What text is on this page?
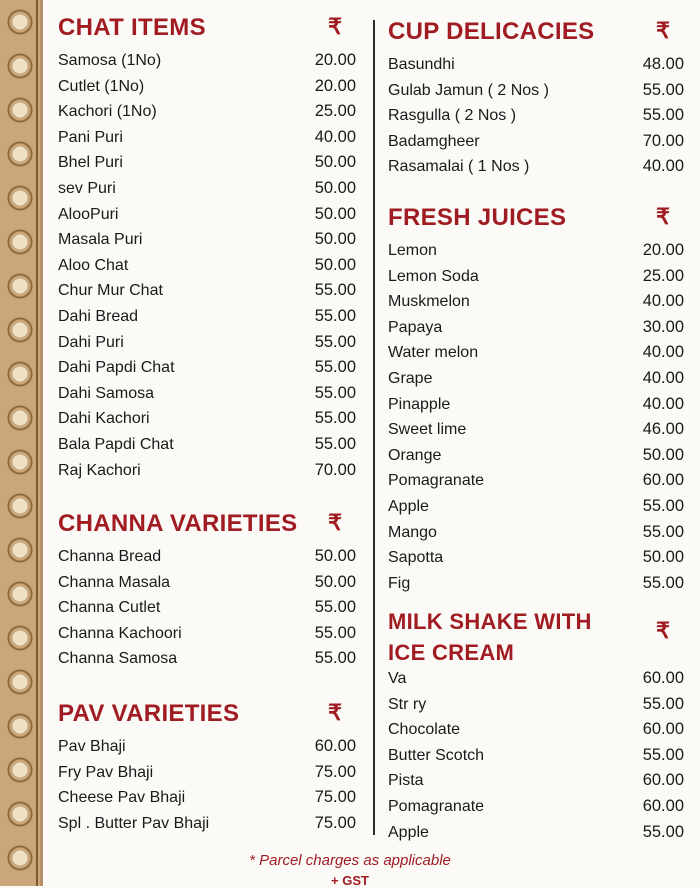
CHAT ITEMS	₹
Samosa (1No)	20.00
Cutlet (1No)	20.00
Kachori (1No)	25.00
Pani Puri	40.00
Bhel Puri	50.00
sev Puri	50.00
AlooPuri	50.00
Masala Puri	50.00
Aloo Chat	50.00
Chur Mur Chat	55.00
Dahi Bread	55.00
Dahi Puri	55.00
Dahi Papdi Chat	55.00
Dahi Samosa	55.00
Dahi Kachori	55.00
Bala Papdi Chat	55.00
Raj Kachori	70.00
CHANNA VARIETIES ₹
Channa Bread	50.00
Channa Masala	50.00
Channa Cutlet	55.00
Channa Kachoori	55.00
Channa Samosa	55.00
PAV VARIETIES	₹
Pav Bhaji	60.00
Fry Pav Bhaji	75.00
Cheese Pav Bhaji	75.00
Spl . Butter Pav Bhaji	75.00
CUP DELICACIES	₹
Basundhi	48.00
Gulab Jamun ( 2 Nos )	55.00
Rasgulla ( 2 Nos )	55.00
Badamgheer	70.00
Rasamalai ( 1 Nos )	40.00
FRESH JUICES	₹
Lemon	20.00
Lemon Soda	25.00
Muskmelon	40.00
Papaya	30.00
Water melon	40.00
Grape	40.00
Pinapple	40.00
Sweet lime	46.00
Orange	50.00
Pomagranate	60.00
Apple	55.00
Mango	55.00
Sapotta	50.00
Fig	55.00
MILK SHAKE WITH ICE CREAM
₹
Va	60.00
Str ry	55.00
Chocolate	60.00
Butter Scotch	55.00
Pista	60.00
Pomagranate	60.00
Apple	55.00
* Parcel charges as applicable
+ GST
